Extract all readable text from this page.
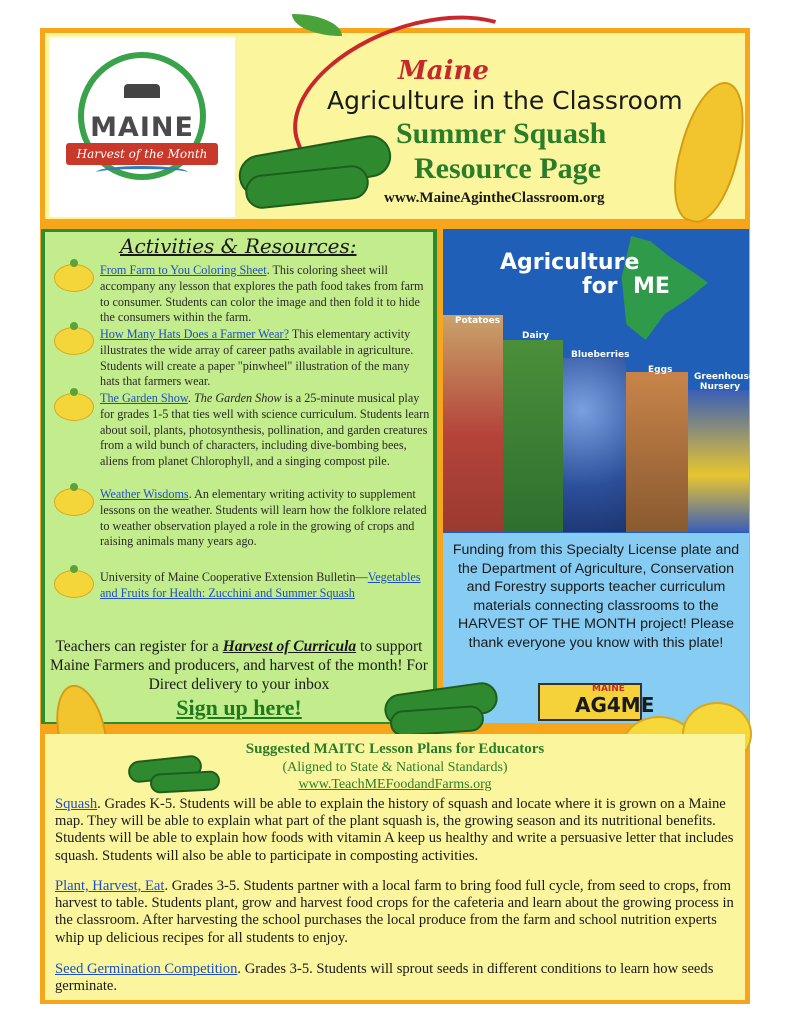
MAINE
Harvest of the Month
Maine
Agriculture in the Classroom
Summer Squash
Resource Page
www.MaineAgintheClassroom.org
Activities & Resources:
From Farm to You Coloring Sheet. This coloring sheet will accompany any lesson that explores the path food takes from farm to consumer. Students can color the image and then fold it to hide the consumers within the farm.
How Many Hats Does a Farmer Wear? This elementary activity illustrates the wide array of career paths available in agriculture. Students will create a paper "pinwheel" illustration of the many hats that farmers wear.
The Garden Show. The Garden Show is a 25-minute musical play for grades 1-5 that ties well with science curriculum. Students learn about soil, plants, photosynthesis, pollination, and garden creatures from a wild bunch of characters, including dive-bombing bees, aliens from planet Chlorophyll, and a singing compost pile.
Weather Wisdoms. An elementary writing activity to supplement lessons on the weather. Students will learn how the folklore related to weather observation played a role in the growing of crops and raising animals many years ago.
University of Maine Cooperative Extension Bulletin—Vegetables and Fruits for Health: Zucchini and Summer Squash
Teachers can register for a Harvest of Curricula to support Maine Farmers and producers, and harvest of the month! For Direct delivery to your inbox
Sign up here!
Agriculture
for ME
Potatoes
Dairy
Blueberries
Eggs
Greenhouse Nursery
Funding from this Specialty License plate and the Department of Agriculture, Conservation and Forestry supports teacher curriculum materials connecting classrooms to the HARVEST OF THE MONTH project! Please thank everyone you know with this plate!
MAINE
AG4ME
Suggested MAITC Lesson Plans for Educators
(Aligned to State & National Standards)
www.TeachMEFoodandFarms.org
Squash. Grades K-5. Students will be able to explain the history of squash and locate where it is grown on a Maine map. They will be able to explain what part of the plant squash is, the growing season and its nutritional benefits. Students will be able to explain how foods with vitamin A keep us healthy and write a persuasive letter that includes squash. Students will also be able to participate in composting activities.
Plant, Harvest, Eat. Grades 3-5. Students partner with a local farm to bring food full cycle, from seed to crops, from harvest to table. Students plant, grow and harvest food crops for the cafeteria and learn about the growing process in the classroom. After harvesting the school purchases the local produce from the farm and school nutrition experts whip up delicious recipes for all students to enjoy.
Seed Germination Competition. Grades 3-5. Students will sprout seeds in different conditions to learn how seeds germinate.
